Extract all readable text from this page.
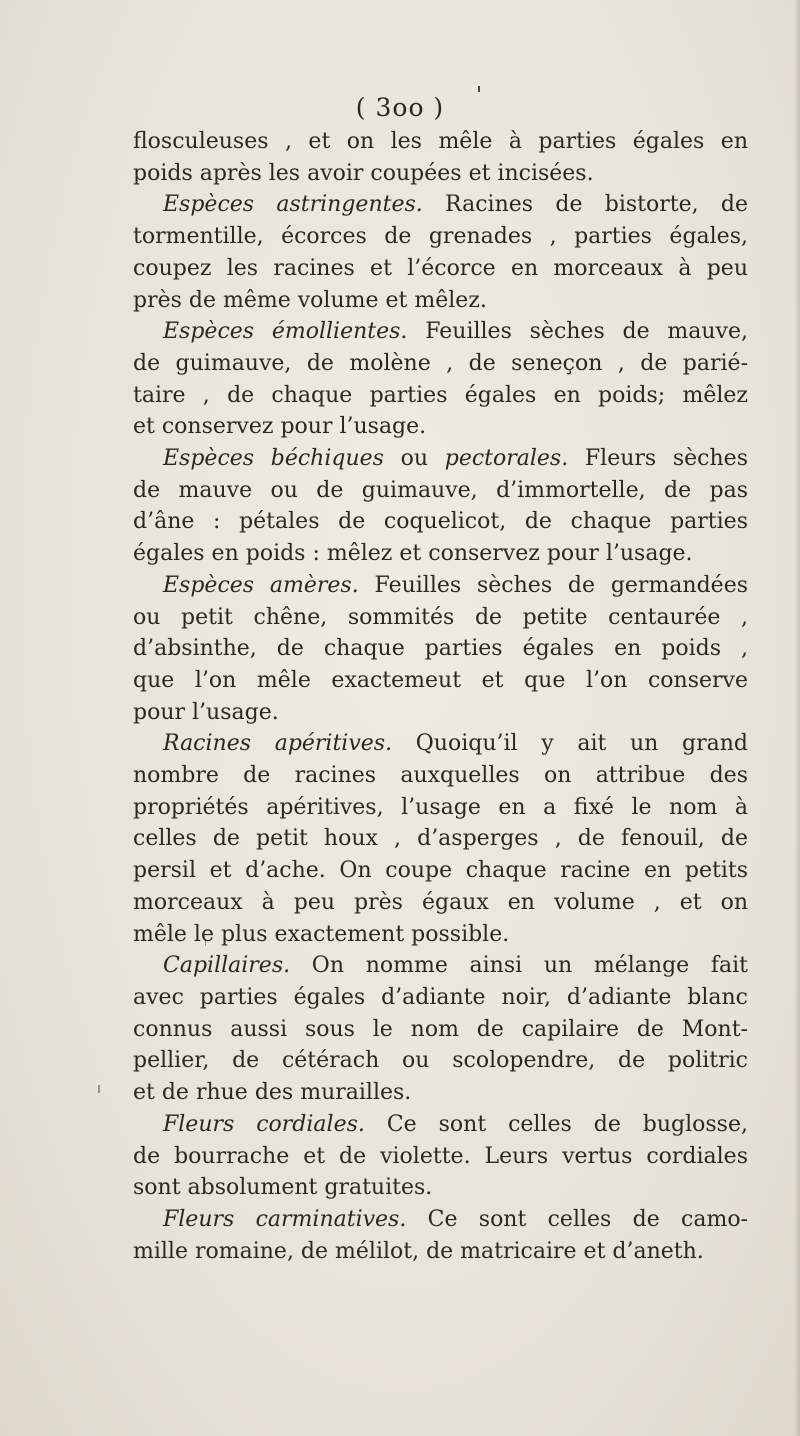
( 3oo )
flosculeuses , et on les mêle à parties égales en
poids après les avoir coupées et incisées.
Espèces astringentes. Racines de bistorte, de
tormentille, écorces de grenades , parties égales,
coupez les racines et l’écorce en morceaux à peu
près de même volume et mêlez.
Espèces émollientes. Feuilles sèches de mauve,
de guimauve, de molène , de seneçon , de parié-
taire , de chaque parties égales en poids; mêlez
et conservez pour l’usage.
Espèces béchiques ou pectorales. Fleurs sèches
de mauve ou de guimauve, d’immortelle, de pas
d’âne : pétales de coquelicot, de chaque parties
égales en poids : mêlez et conservez pour l’usage.
Espèces amères. Feuilles sèches de germandées
ou petit chêne, sommités de petite centaurée ,
d’absinthe, de chaque parties égales en poids ,
que l’on mêle exactemeut et que l’on conserve
pour l’usage.
Racines apéritives. Quoiqu’il y ait un grand
nombre de racines auxquelles on attribue des
propriétés apéritives, l’usage en a fixé le nom à
celles de petit houx , d’asperges , de fenouil, de
persil et d’ache. On coupe chaque racine en petits
morceaux à peu près égaux en volume , et on
mêle le plus exactement possible.
Capillaires. On nomme ainsi un mélange fait
avec parties égales d’adiante noir, d’adiante blanc
connus aussi sous le nom de capilaire de Mont-
pellier, de cétérach ou scolopendre, de politric
et de rhue des murailles.
Fleurs cordiales. Ce sont celles de buglosse,
de bourrache et de violette. Leurs vertus cordiales
sont absolument gratuites.
Fleurs carminatives. Ce sont celles de camo-
mille romaine, de mélilot, de matricaire et d’aneth.
